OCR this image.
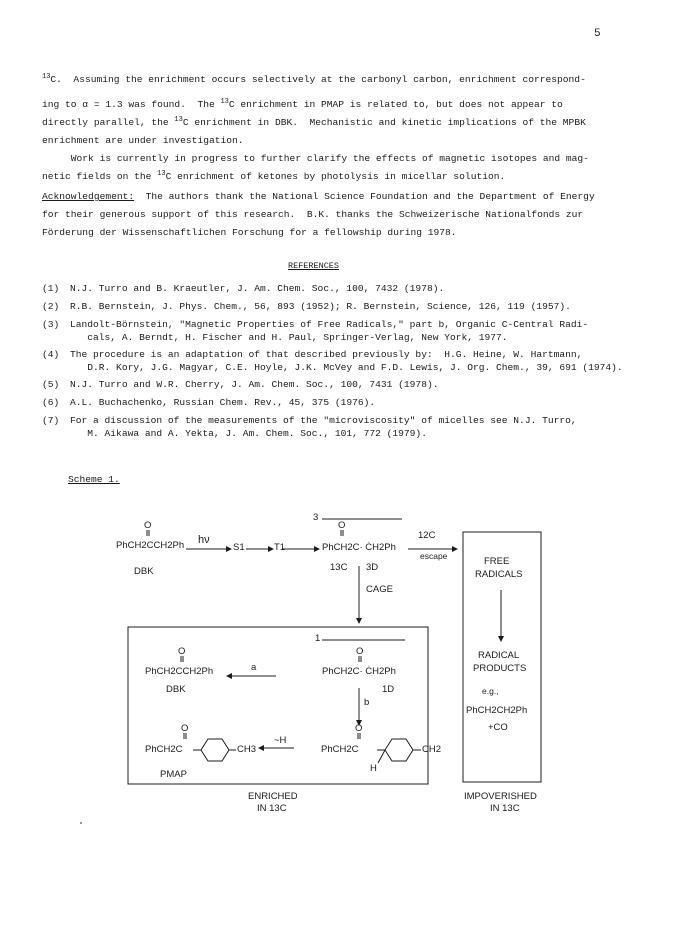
5
$^{13}$C.  Assuming the enrichment occurs selectively at the carbonyl carbon, enrichment correspond-
ing to α = 1.3 was found.  The $^{13}$C enrichment in PMAP is related to, but does not appear to
directly parallel, the $^{13}$C enrichment in DBK.  Mechanistic and kinetic implications of the MPBK
enrichment are under investigation.
Work is currently in progress to further clarify the effects of magnetic isotopes and mag-
netic fields on the $^{13}$C enrichment of ketones by photolysis in micellar solution.
Acknowledgement:  The authors thank the National Science Foundation and the Department of Energy
for their generous support of this research.  B.K. thanks the Schweizerische Nationalfonds zur
Förderung der Wissenschaftlichen Forschung for a fellowship during 1978.
REFERENCES
(1) N.J. Turro and B. Kraeutler, J. Am. Chem. Soc., 100, 7432 (1978).
(2) R.B. Bernstein, J. Phys. Chem., 56, 893 (1952); R. Bernstein, Science, 126, 119 (1957).
(3) Landolt-Börnstein, "Magnetic Properties of Free Radicals," part b, Organic C-Central Radi-
cals, A. Berndt, H. Fischer and H. Paul, Springer-Verlag, New York, 1977.
(4) The procedure is an adaptation of that described previously by:  H.G. Heine, W. Hartmann,
D.R. Kory, J.G. Magyar, C.E. Hoyle, J.K. McVey and F.D. Lewis, J. Org. Chem., 39, 691 (1974).
(5) N.J. Turro and W.R. Cherry, J. Am. Chem. Soc., 100, 7431 (1978).
(6) A.L. Buchachenko, Russian Chem. Rev., 45, 375 (1976).
(7) For a discussion of the measurements of the "microviscosity" of micelles see N.J. Turro,
M. Aikawa and A. Yekta, J. Am. Chem. Soc., 101, 772 (1979).
Scheme 1.
O
PhCH2CCH2Ph
DBK
hν
S1	T1
3
O
PhCH2C· ĊH2Ph
12C
escape
13C 3D
CAGE
FREE
RADICALS
1
O	O
PhCH2CCH2Ph	a	PhCH2C· ĊH2Ph
DBK
b
1D
O	O
PhCH2C	CH3
~H
PhCH2C	CH2
H
PMAP
RADICAL
PRODUCTS
e.g.,
PhCH2CH2Ph
+CO
ENRICHED
IN 13C
IMPOVERISHED
IN 13C
